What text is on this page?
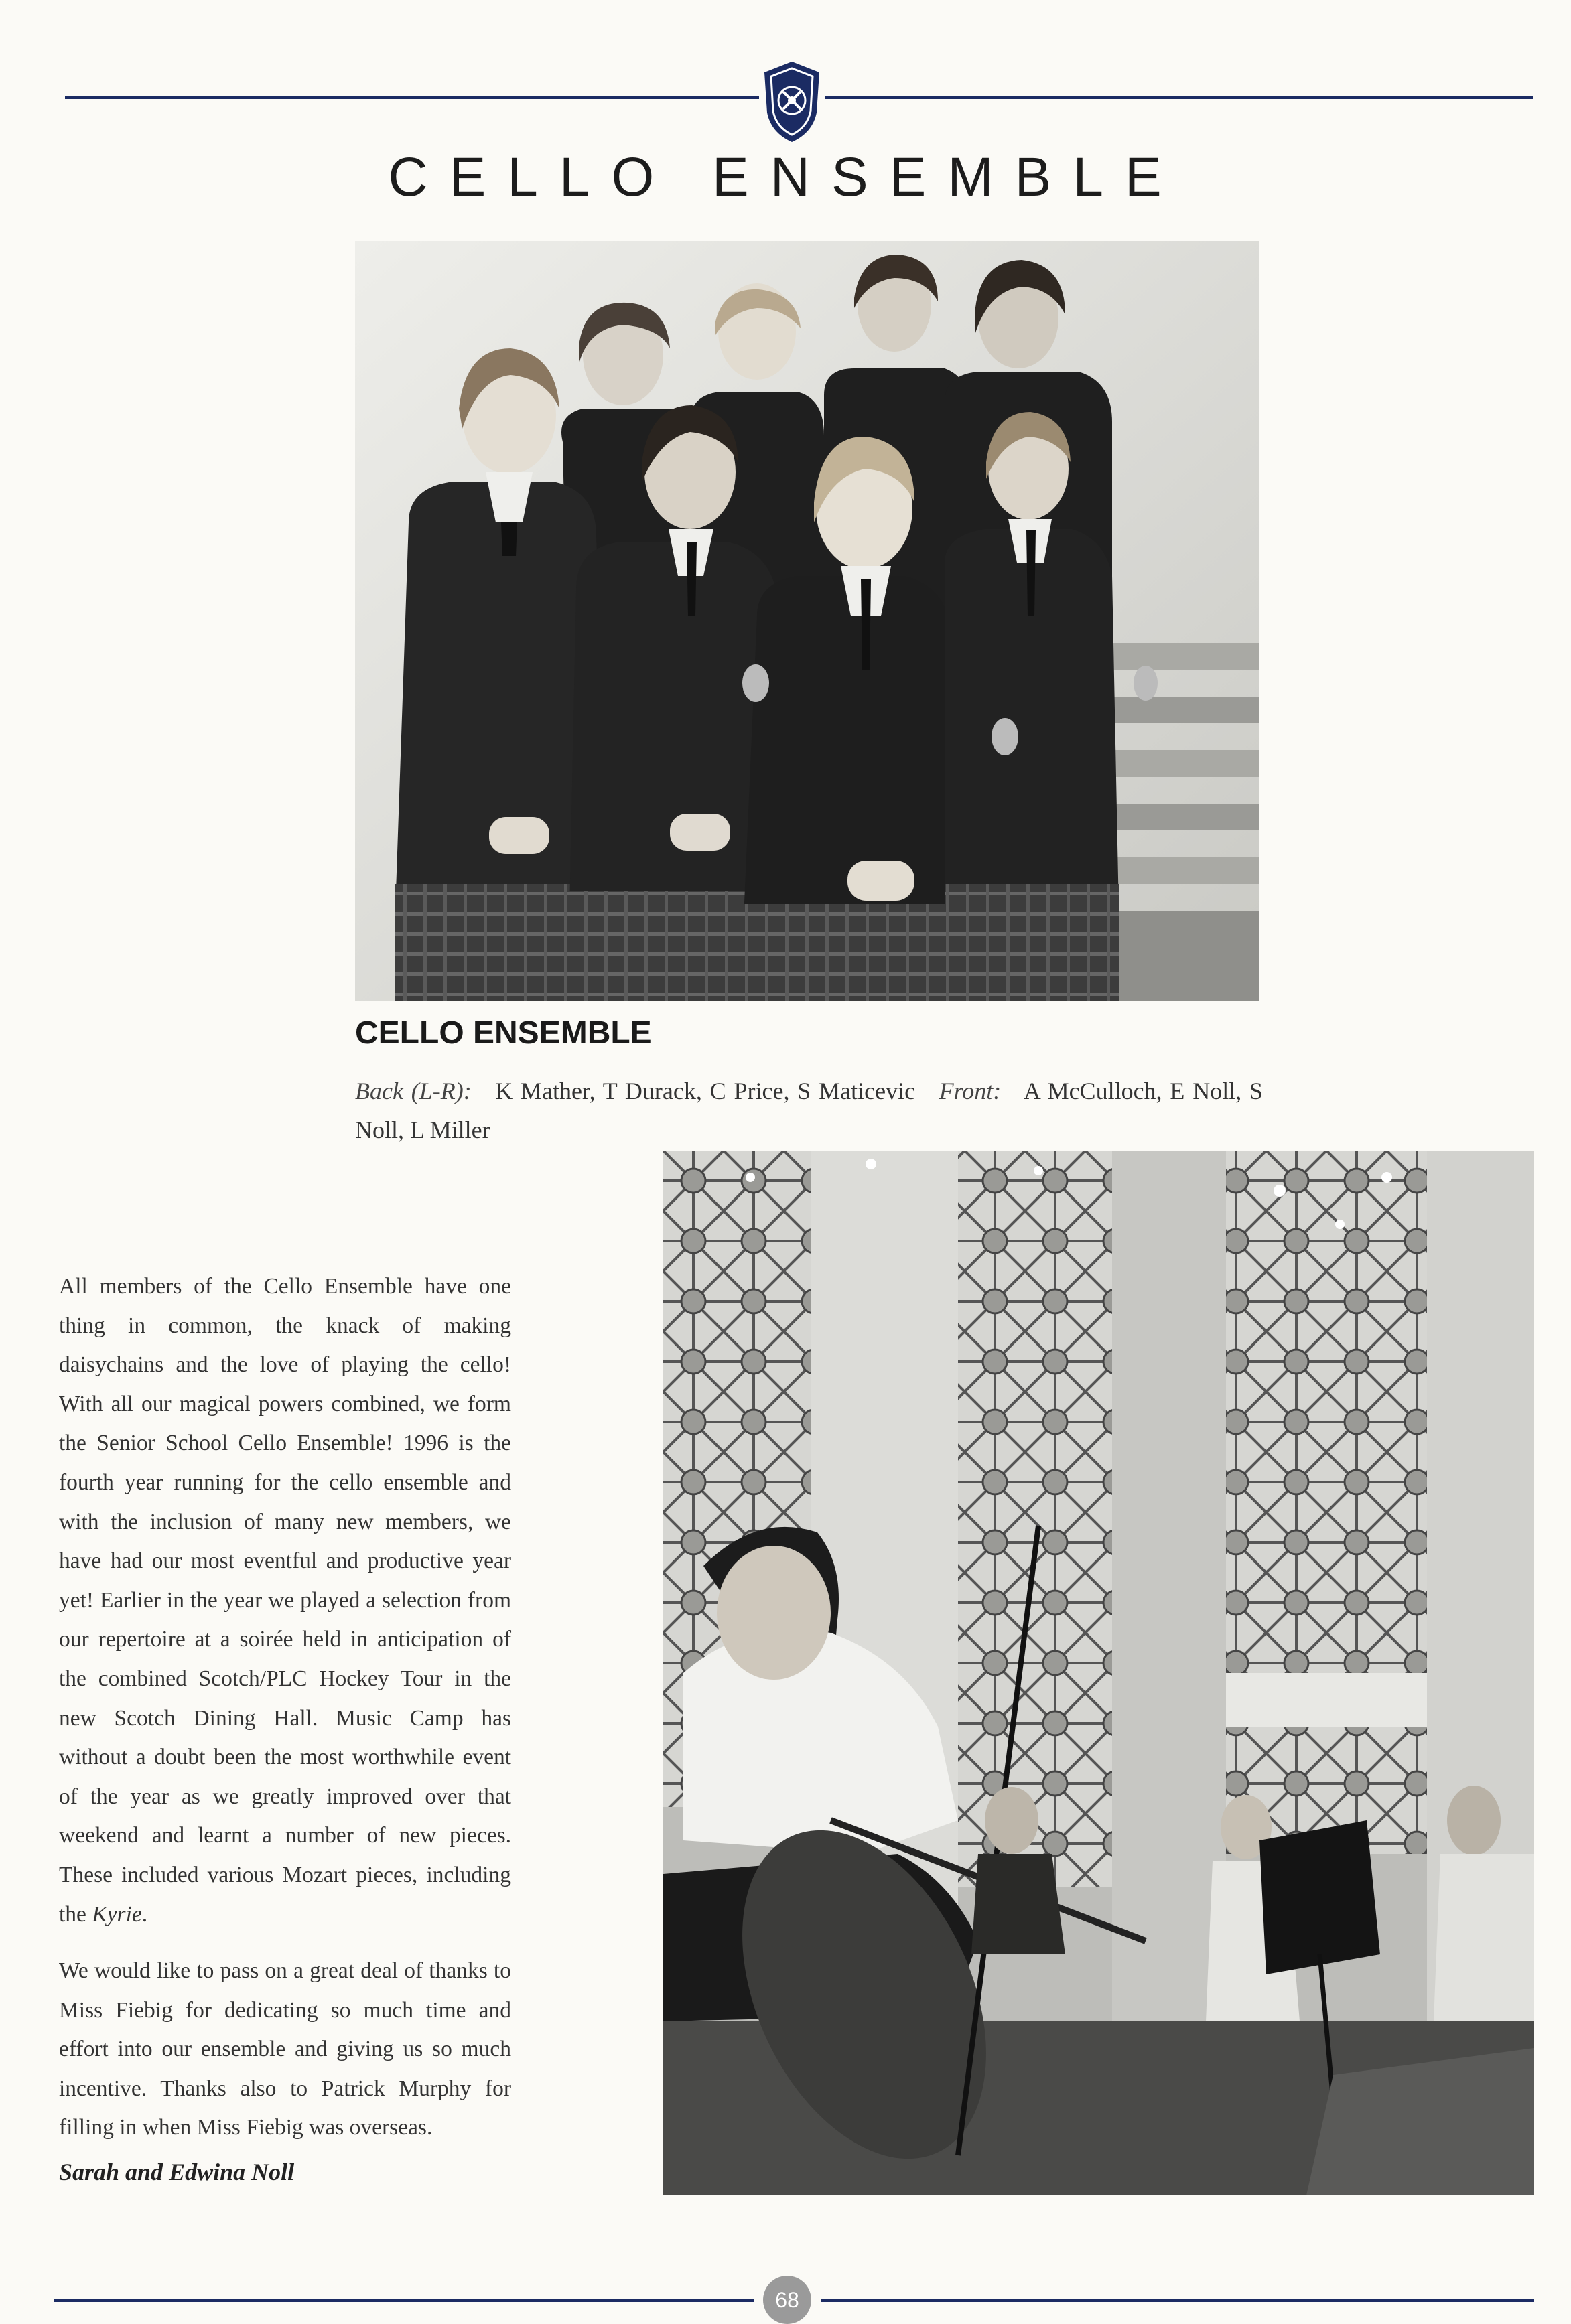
CELLO ENSEMBLE
CELLO ENSEMBLE
Back (L-R): K Mather, T Durack, C Price, S Maticevic Front: A McCulloch, E Noll, S Noll, L Miller

All members of the Cello Ensemble have one thing in common, the knack of making daisychains and the love of playing the cello! With all our magical powers combined, we form the Senior School Cello Ensemble! 1996 is the fourth year running for the cello ensemble and with the inclusion of many new members, we have had our most eventful and productive year yet! Earlier in the year we played a selection from our repertoire at a soirée held in anticipation of the combined Scotch/PLC Hockey Tour in the new Scotch Dining Hall. Music Camp has without a doubt been the most worthwhile event of the year as we greatly improved over that weekend and learnt a number of new pieces. These included various Mozart pieces, including the Kyrie.

We would like to pass on a great deal of thanks to Miss Fiebig for dedicating so much time and effort into our ensemble and giving us so much incentive. Thanks also to Patrick Murphy for filling in when Miss Fiebig was overseas.

Sarah and Edwina Noll
68
